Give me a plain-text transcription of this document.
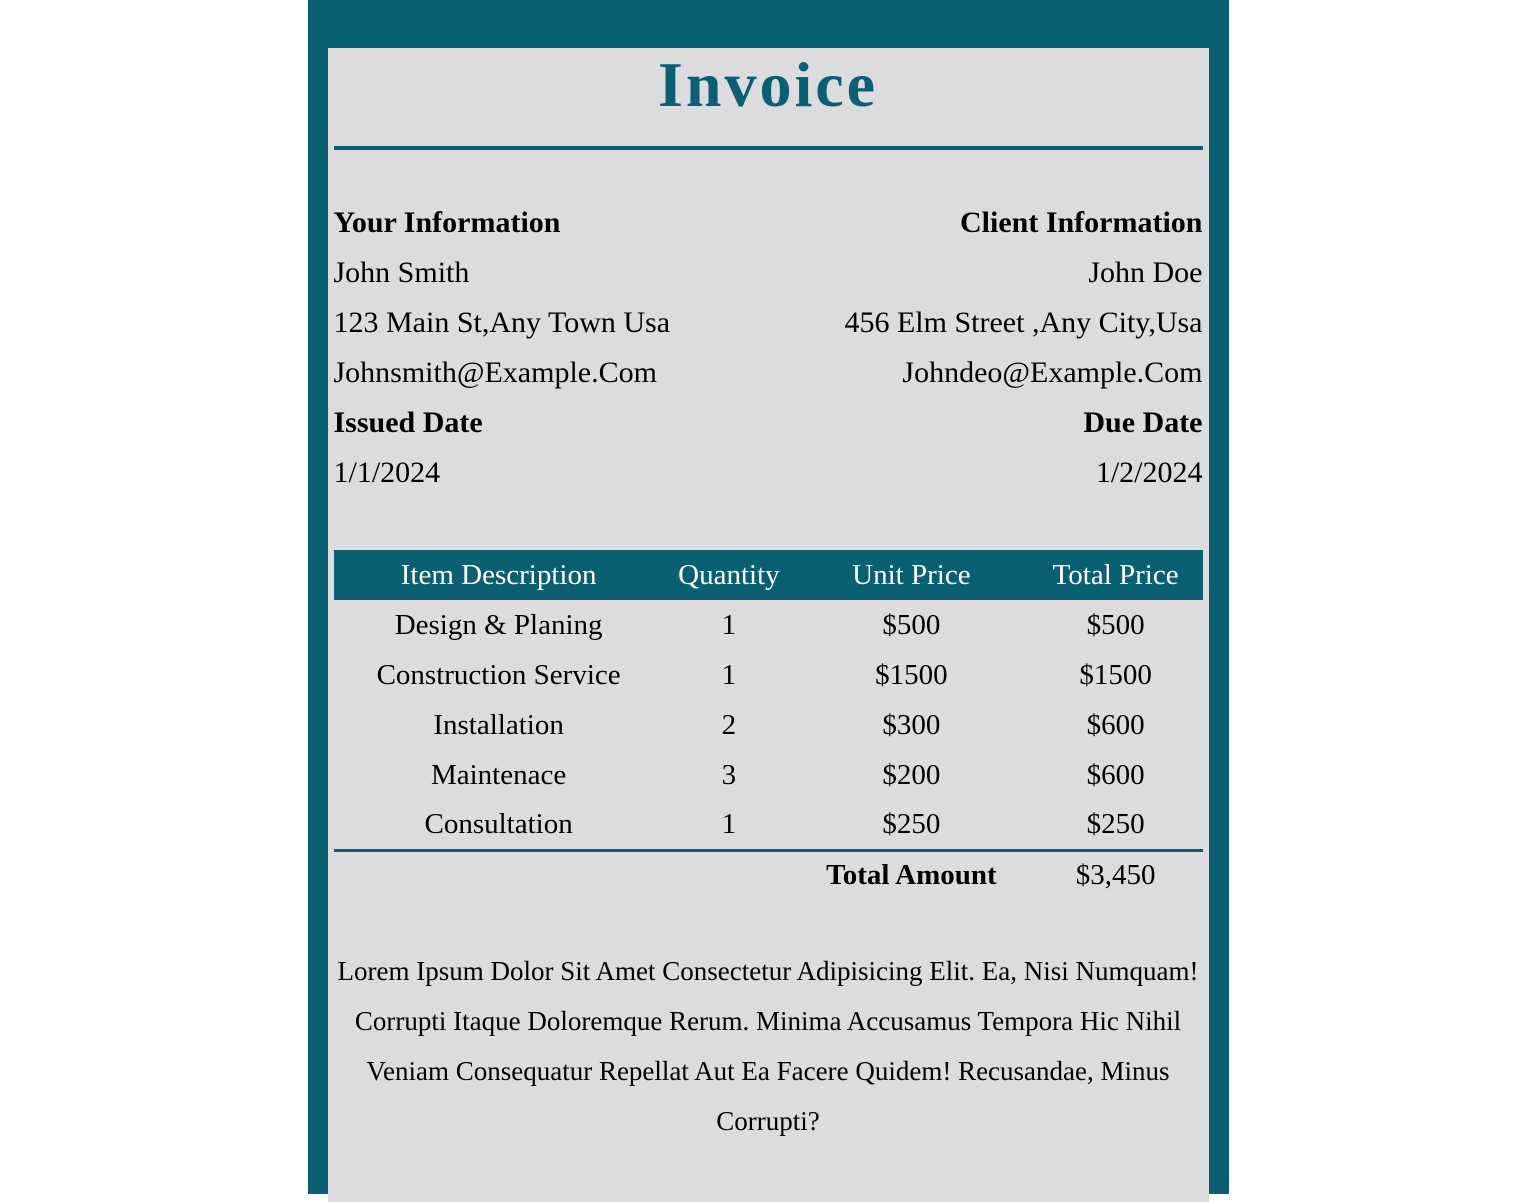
Invoice
Your Information
John Smith
123 Main St,Any Town Usa
Johnsmith@Example.Com
Issued Date
1/1/2024
Client Information
John Doe
456 Elm Street ,Any City,Usa
Johndeo@Example.Com
Due Date
1/2/2024
Item Description	Quantity	Unit Price	Total Price
Design & Planing	1	$500	$500
Construction Service	1	$1500	$1500
Installation	2	$300	$600
Maintenace	3	$200	$600
Consultation	1	$250	$250
		Total Amount	$3,450
Lorem Ipsum Dolor Sit Amet Consectetur Adipisicing Elit. Ea, Nisi Numquam!
Corrupti Itaque Doloremque Rerum. Minima Accusamus Tempora Hic Nihil
Veniam Consequatur Repellat Aut Ea Facere Quidem! Recusandae, Minus
Corrupti?
